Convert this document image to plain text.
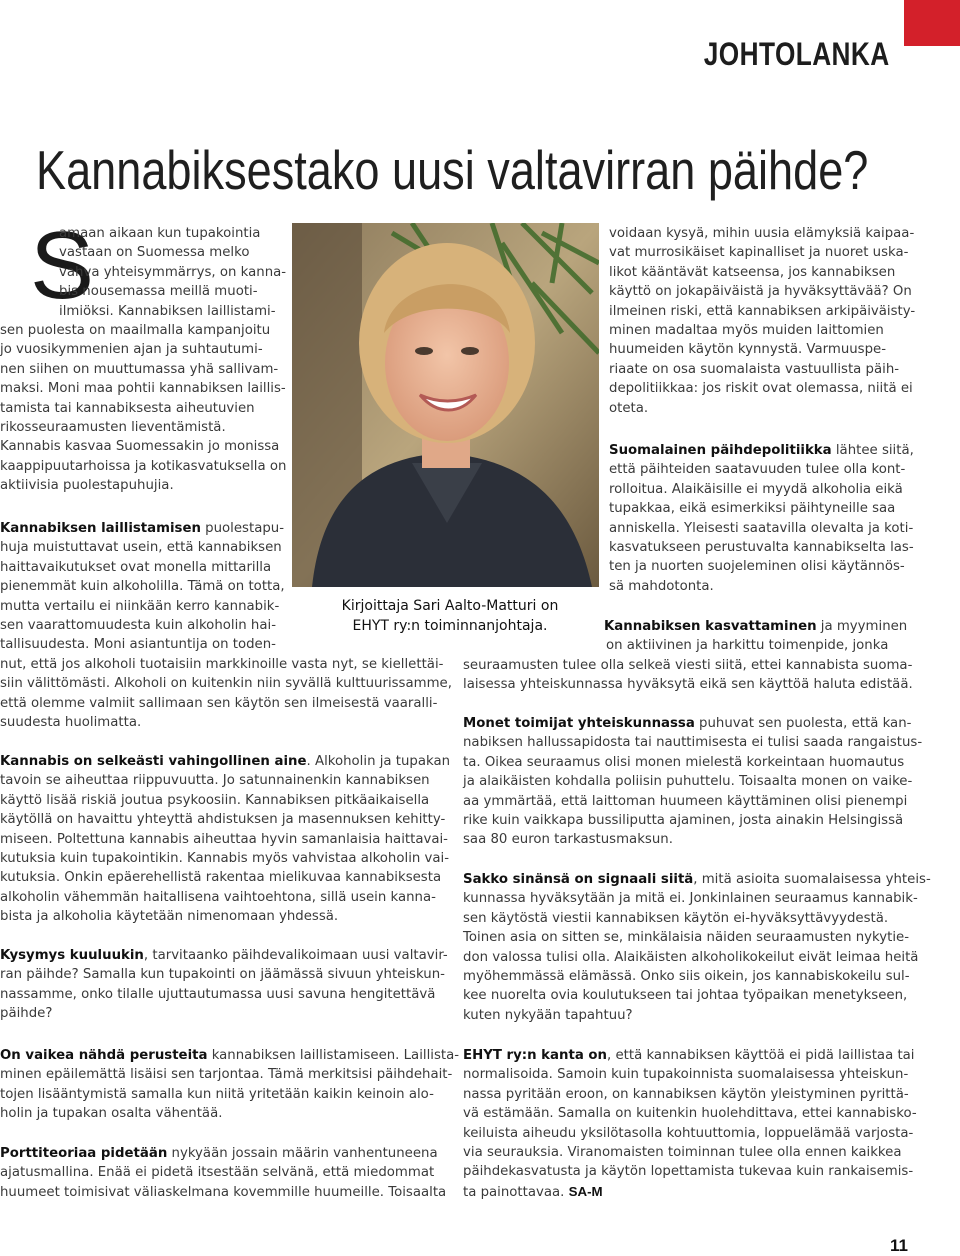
JOHTOLANKA
Kannabiksestako uusi valtavirran päihde?
S
amaan aikaan kun tupakointia
vastaan on Suomessa melko
vahva yhteisymmärrys, on kanna-
bis nousemassa meillä muoti-
ilmiöksi. Kannabiksen laillistami-
sen puolesta on maailmalla kampanjoitu
jo vuosikymmenien ajan ja suhtautumi-
nen siihen on muuttumassa yhä sallivam-
maksi. Moni maa pohtii kannabiksen laillis-
tamista tai kannabiksesta aiheutuvien
rikosseuraamusten lieventämistä.
Kannabis kasvaa Suomessakin jo monissa
kaappipuutarhoissa ja kotikasvatuksella on
aktiivisia puolestapuhujia.
Kannabiksen laillistamisen puolestapu-
huja muistuttavat usein, että kannabiksen
haittavaikutukset ovat monella mittarilla
pienemmät kuin alkoholilla. Tämä on totta,
mutta vertailu ei niinkään kerro kannabik-
sen vaarattomuudesta kuin alkoholin hai-
tallisuudesta. Moni asiantuntija on toden-
nut, että jos alkoholi tuotaisiin markkinoille vasta nyt, se kiellettäi-
siin välittömästi. Alkoholi on kuitenkin niin syvällä kulttuurissamme,
että olemme valmiit sallimaan sen käytön sen ilmeisestä vaaralli-
suudesta huolimatta.
Kannabis on selkeästi vahingollinen aine. Alkoholin ja tupakan
tavoin se aiheuttaa riippuvuutta. Jo satunnainenkin kannabiksen
käyttö lisää riskiä joutua psykoosiin. Kannabiksen pitkäaikaisella
käytöllä on havaittu yhteyttä ahdistuksen ja masennuksen kehitty-
miseen. Poltettuna kannabis aiheuttaa hyvin samanlaisia haittavai-
kutuksia kuin tupakointikin. Kannabis myös vahvistaa alkoholin vai-
kutuksia. Onkin epäerehellistä rakentaa mielikuvaa kannabiksesta
alkoholin vähemmän haitallisena vaihtoehtona, sillä usein kanna-
bista ja alkoholia käytetään nimenomaan yhdessä.
Kysymys kuuluukin, tarvitaanko päihdevalikoimaan uusi valtavir-
ran päihde? Samalla kun tupakointi on jäämässä sivuun yhteiskun-
nassamme, onko tilalle ujuttautumassa uusi savuna hengitettävä
päihde?
On vaikea nähdä perusteita kannabiksen laillistamiseen. Laillista-
minen epäilemättä lisäisi sen tarjontaa. Tämä merkitsisi päihdehait-
tojen lisääntymistä samalla kun niitä yritetään kaikin keinoin alo-
holin ja tupakan osalta vähentää.
Porttiteoriaa pidetään nykyään jossain määrin vanhentuneena
ajatusmallina. Enää ei pidetä itsestään selvänä, että miedommat
huumeet toimisivat väliaskelmana kovemmille huumeille. Toisaalta
voidaan kysyä, mihin uusia elämyksiä kaipaa-
vat murrosikäiset kapinalliset ja nuoret uska-
likot kääntävät katseensa, jos kannabiksen
käyttö on jokapäiväistä ja hyväksyttävää? On
ilmeinen riski, että kannabiksen arkipäiväisty-
minen madaltaa myös muiden laittomien
huumeiden käytön kynnystä. Varmuuspe-
riaate on osa suomalaista vastuullista päih-
depolitiikkaa: jos riskit ovat olemassa, niitä ei
oteta.
Suomalainen päihdepolitiikka lähtee siitä,
että päihteiden saatavuuden tulee olla kont-
rolloitua. Alaikäisille ei myydä alkoholia eikä
tupakkaa, eikä esimerkiksi päihtyneille saa
anniskella. Yleisesti saatavilla olevalta ja koti-
kasvatukseen perustuvalta kannabikselta las-
ten ja nuorten suojeleminen olisi käytännös-
sä mahdotonta.
Kannabiksen kasvattaminen ja myyminen
on aktiivinen ja harkittu toimenpide, jonka
seuraamusten tulee olla selkeä viesti siitä, ettei kannabista suoma-
laisessa yhteiskunnassa hyväksytä eikä sen käyttöä haluta edistää.
Monet toimijat yhteiskunnassa puhuvat sen puolesta, että kan-
nabiksen hallussapidosta tai nauttimisesta ei tulisi saada rangaistus-
ta. Oikea seuraamus olisi monen mielestä korkeintaan huomautus
ja alaikäisten kohdalla poliisin puhuttelu. Toisaalta monen on vaike-
aa ymmärtää, että laittoman huumeen käyttäminen olisi pienempi
rike kuin vaikkapa bussiliputta ajaminen, josta ainakin Helsingissä
saa 80 euron tarkastusmaksun.
Sakko sinänsä on signaali siitä, mitä asioita suomalaisessa yhteis-
kunnassa hyväksytään ja mitä ei. Jonkinlainen seuraamus kannabik-
sen käytöstä viestii kannabiksen käytön ei-hyväksyttävyydestä.
Toinen asia on sitten se, minkälaisia näiden seuraamusten nykytie-
don valossa tulisi olla. Alaikäisten alkoholikokeilut eivät leimaa heitä
myöhemmässä elämässä. Onko siis oikein, jos kannabiskokeilu sul-
kee nuorelta ovia koulutukseen tai johtaa työpaikan menetykseen,
kuten nykyään tapahtuu?
EHYT ry:n kanta on, että kannabiksen käyttöä ei pidä laillistaa tai
normalisoida. Samoin kuin tupakoinnista suomalaisessa yhteiskun-
nassa pyritään eroon, on kannabiksen käytön yleistyminen pyrittä-
vä estämään. Samalla on kuitenkin huolehdittava, ettei kannabisko-
keiluista aiheudu yksilötasolla kohtuuttomia, loppuelämää varjosta-
via seurauksia. Viranomaisten toiminnan tulee olla ennen kaikkea
päihdekasvatusta ja käytön lopettamista tukevaa kuin rankaisemis-
ta painottavaa. SA-M
Kirjoittaja Sari Aalto-Matturi on
EHYT ry:n toiminnanjohtaja.
11
